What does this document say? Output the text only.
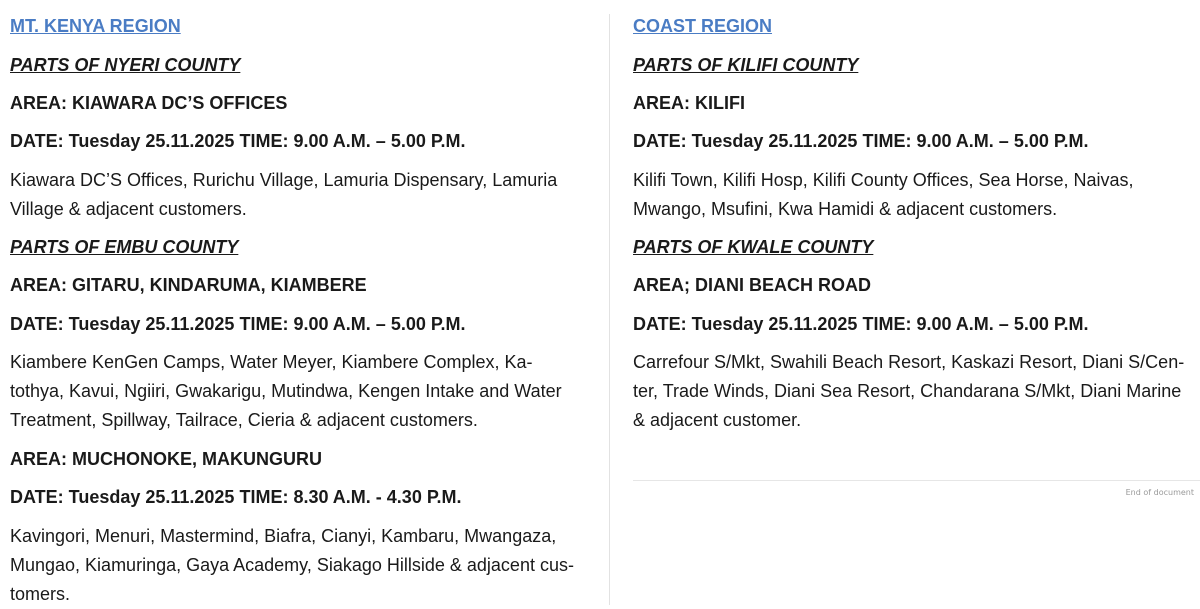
MT. KENYA REGION
PARTS OF NYERI COUNTY
AREA: KIAWARA DC’S OFFICES
DATE: Tuesday 25.11.2025 TIME: 9.00 A.M. – 5.00 P.M.
Kiawara DC’S Offices, Rurichu Village, Lamuria Dispensary, Lamuria
Village & adjacent customers.
PARTS OF EMBU COUNTY
AREA: GITARU, KINDARUMA, KIAMBERE
DATE: Tuesday 25.11.2025 TIME: 9.00 A.M. – 5.00 P.M.
Kiambere KenGen Camps, Water Meyer, Kiambere Complex, Ka-
tothya, Kavui, Ngiiri, Gwakarigu, Mutindwa, Kengen Intake and Water
Treatment, Spillway, Tailrace, Cieria & adjacent customers.
AREA: MUCHONOKE, MAKUNGURU
DATE: Tuesday 25.11.2025 TIME: 8.30 A.M. - 4.30 P.M.
Kavingori, Menuri, Mastermind, Biafra, Cianyi, Kambaru, Mwangaza,
Mungao, Kiamuringa, Gaya Academy, Siakago Hillside & adjacent cus-
tomers.
COAST REGION
PARTS OF KILIFI COUNTY
AREA: KILIFI
DATE: Tuesday 25.11.2025 TIME: 9.00 A.M. – 5.00 P.M.
Kilifi Town, Kilifi Hosp, Kilifi County Offices, Sea Horse, Naivas,
Mwango, Msufini, Kwa Hamidi & adjacent customers.
PARTS OF KWALE COUNTY
AREA; DIANI BEACH ROAD
DATE: Tuesday 25.11.2025 TIME: 9.00 A.M. – 5.00 P.M.
Carrefour S/Mkt, Swahili Beach Resort, Kaskazi Resort, Diani S/Cen-
ter, Trade Winds, Diani Sea Resort, Chandarana S/Mkt, Diani Marine
& adjacent customer.
End of document
